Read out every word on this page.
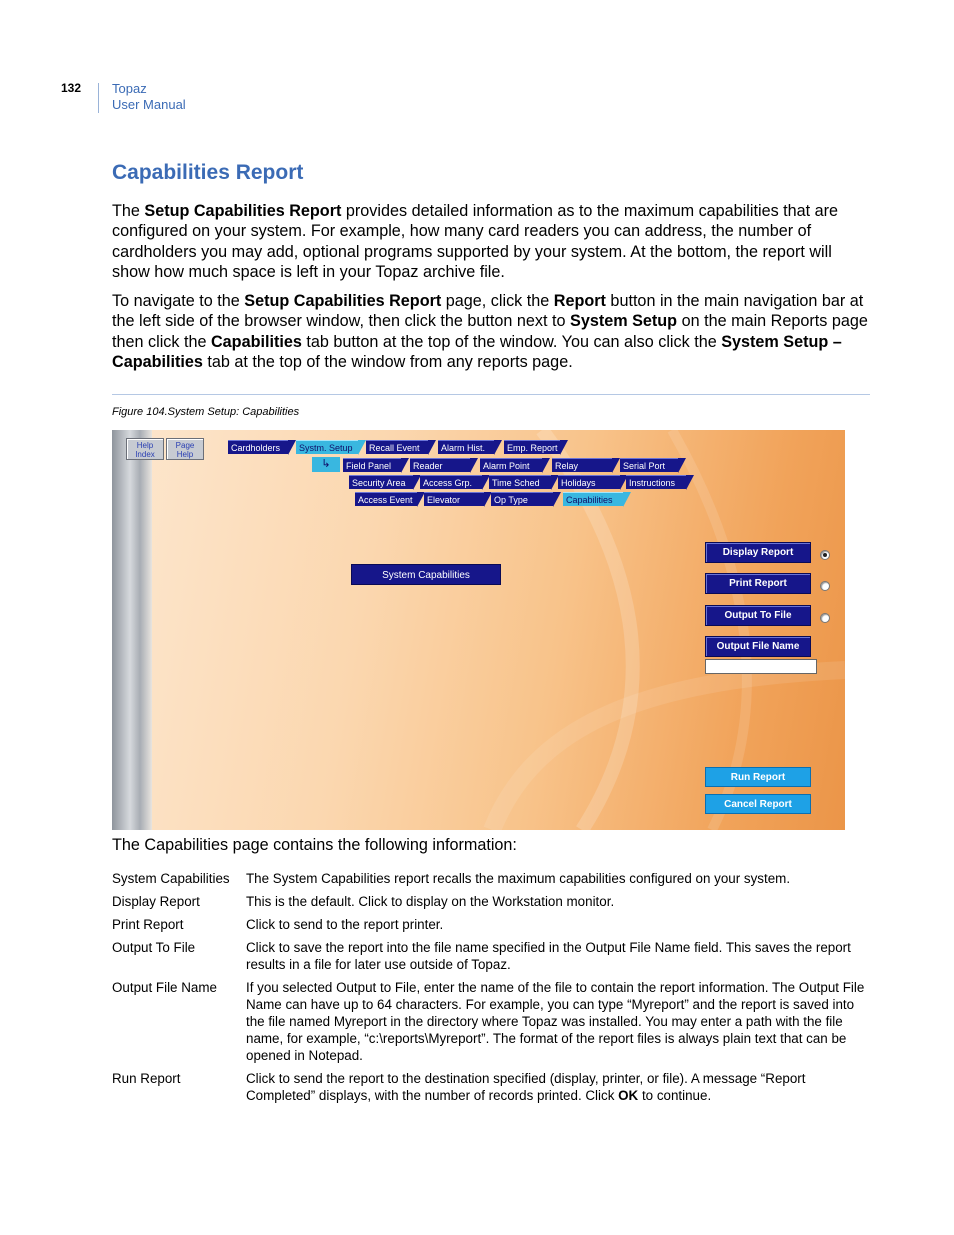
132 Topaz
User Manual
Capabilities Report

The Setup Capabilities Report provides detailed information as to the maximum capabilities that are configured on your system. For example, how many card readers you can address, the number of cardholders you may add, optional programs supported by your system. At the bottom, the report will show how much space is left in your Topaz archive file.

To navigate to the Setup Capabilities Report page, click the Report button in the main navigation bar at the left side of the browser window, then click the button next to System Setup on the main Reports page then click the Capabilities tab button at the top of the window. You can also click the System Setup – Capabilities tab at the top of the window from any reports page.

Figure 104.System Setup: Capabilities
Help
Index
Page
Help
Cardholders	Systm. Setup	Recall Event	Alarm Hist.	Emp. Report
↳	Field Panel	Reader	Alarm Point	Relay	Serial Port
Security Area	Access Grp.	Time Sched	Holidays	Instructions
Access Event	Elevator	Op Type	Capabilities
System Capabilities
Display Report
Print Report
Output To File
Output File Name
Run Report
Cancel Report
The Capabilities page contains the following information:
System Capabilities	The System Capabilities report recalls the maximum capabilities configured on your system.
Display Report	This is the default. Click to display on the Workstation monitor.
Print Report	Click to send to the report printer.
Output To File	Click to save the report into the file name specified in the Output File Name field. This saves the report results in a file for later use outside of Topaz.
Output File Name	If you selected Output to File, enter the name of the file to contain the report information. The Output File Name can have up to 64 characters. For example, you can type “Myreport” and the report is saved into the file named Myreport in the directory where Topaz was installed. You may enter a path with the file name, for example, “c:\reports\Myreport”. The format of the report files is always plain text that can be opened in Notepad.
Run Report	Click to send the report to the destination specified (display, printer, or file). A message “Report Completed” displays, with the number of records printed. Click OK to continue.
